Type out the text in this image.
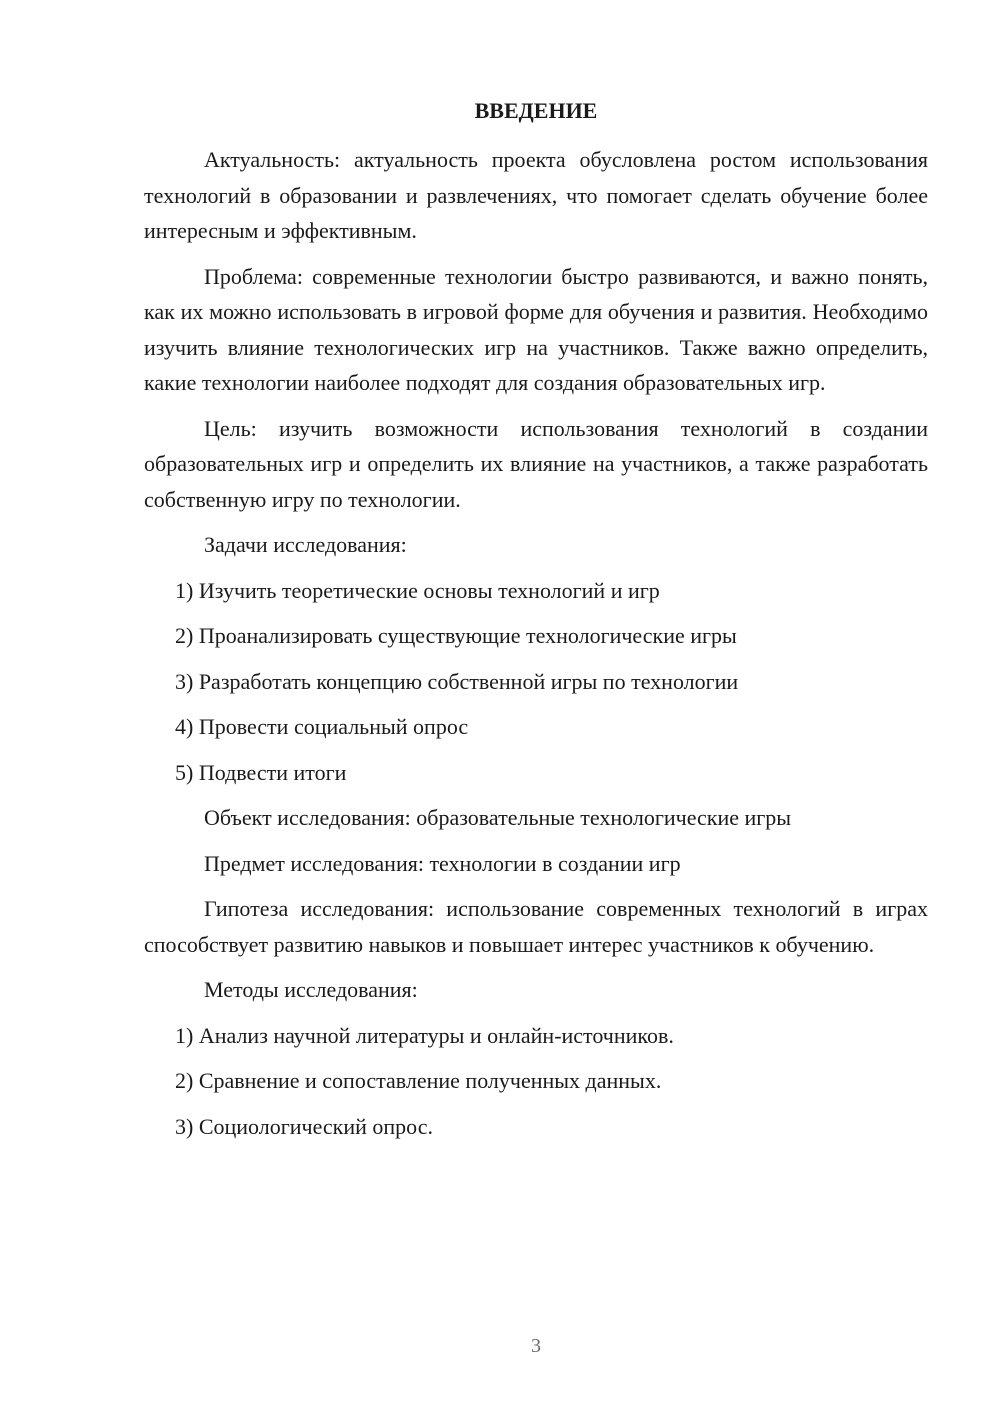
ВВЕДЕНИЕ

Актуальность: актуальность проекта обусловлена ростом использования технологий в образовании и развлечениях, что помогает сделать обучение более интересным и эффективным.

Проблема: современные технологии быстро развиваются, и важно понять, как их можно использовать в игровой форме для обучения и развития. Необходимо изучить влияние технологических игр на участников. Также важно определить, какие технологии наиболее подходят для создания образовательных игр.

Цель: изучить возможности использования технологий в создании образовательных игр и определить их влияние на участников, а также разработать собственную игру по технологии.

Задачи исследования:
1) Изучить теоретические основы технологий и игр
2) Проанализировать существующие технологические игры
3) Разработать концепцию собственной игры по технологии
4) Провести социальный опрос
5) Подвести итоги
Объект исследования: образовательные технологические игры
Предмет исследования: технологии в создании игр

Гипотеза исследования: использование современных технологий в играх способствует развитию навыков и повышает интерес участников к обучению.

Методы исследования:
1) Анализ научной литературы и онлайн-источников.
2) Сравнение и сопоставление полученных данных.
3) Социологический опрос.
3
